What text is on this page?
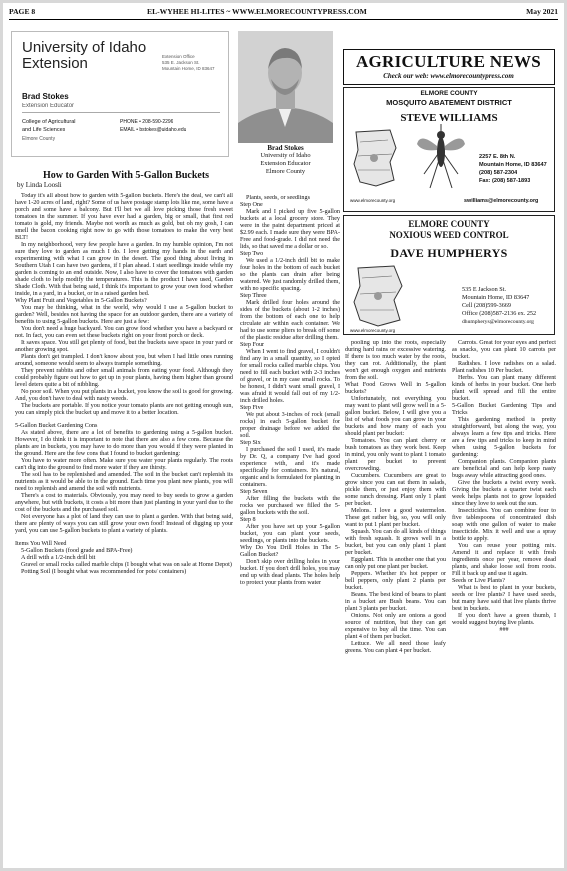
PAGE 8	EL-WYHEE HI-LITES ~ WWW.ELMORECOUNTYPRESS.COM	May 2021
University of Idaho
Extension	Extension Office
535 E. Jackson St.
Mountain Home, ID 83647
Brad Stokes
Extension Educator
College of Agricultural
and Life Sciences
Elmore County
PHONE • 208-590-2296
EMAIL • bstokes@uidaho.edu
Brad Stokes
University of Idaho
Extension Educator
Elmore County
AGRICULTURE NEWS
Check our web: www.elmorecountypress.com
ELMORE COUNTY
MOSQUITO ABATEMENT DISTRICT
STEVE WILLIAMS
2257 E. 8th N.
Mountain Home, ID 83647
(208) 587-2304
Fax: (208) 587-1893
www.elmorecounty.org	swilliams@elmorecounty.org
ELMORE COUNTY
NOXIOUS WEED CONTROL
DAVE HUMPHERYS
535 E Jackson St.
Mountain Home, ID 83647
Cell (208)599-3669
Office (208)587-2136 ex. 252
dhumpherys@elmorecounty.org
www.elmorecounty.org
How to Garden With 5-Gallon Buckets
by Linda Loosli

Today it's all about how to garden with 5-gallon buckets. Here's the deal, we can't all have 1-20 acres of land, right? Some of us have postage stamp lots like me, some have a porch and some have a balcony. But I'll bet we all love picking those fresh sweet tomatoes in the summer. If you have ever had a garden, big or small, that first red tomato is gold, my friends. Maybe not worth as much as gold, but oh my gosh, I can smell the bacon cooking right now to go with those tomatoes to make the very best BLT!

In my neighborhood, very few people have a garden. In my humble opinion, I'm not sure they love to garden as much I do. I love getting my hands in the earth and experimenting with what I can grow in the desert. The good thing about living in Southern Utah I can have two gardens, if I plan ahead. I start seedlings inside while my garden is coming to an end outside. Now, I also have to cover the tomatoes with garden shade cloth to help modify the temperatures. This is the product I have used, Garden Shade Cloth. With that being said, I think it's important to grow your own food whether inside, in a yard, in a bucket, or in a raised garden bed.

Why Plant Fruit and Vegetables in 5-Gallon Buckets?

You may be thinking, what in the world, why would I use a 5-gallon bucket to garden? Well, besides not having the space for an outdoor garden, there are a variety of benefits to using 5-gallon buckets. Here are just a few:

You don't need a huge backyard. You can grow food whether you have a backyard or not. In fact, you can even set these buckets right on your front porch or deck.

It saves space. You still get plenty of food, but the buckets save space in your yard or another growing spot.

Plants don't get trampled. I don't know about you, but when I had little ones running around, someone would seem to always trample something.

They prevent rabbits and other small animals from eating your food. Although they could probably figure out how to get up in your plants, having them higher than ground level deters quite a bit of nibbling.

No poor soil. When you put plants in a bucket, you know the soil is good for growing. And, you don't have to deal with nasty weeds.

The buckets are portable. If you notice your tomato plants are not getting enough sun, you can simply pick the bucket up and move it to a better location.

5-Gallon Bucket Gardening Cons

As stated above, there are a lot of benefits to gardening using a 5-gallon bucket. However, I do think it is important to note that there are also a few cons. Because the plants are in buckets, you may have to do more than you would if they were planted in the ground. Here are the few cons that I found to bucket gardening:

You have to water more often. Make sure you water your plants regularly. The roots can't dig into the ground to find more water if they are thirsty.

The soil has to be replenished and amended. The soil in the bucket can't replenish its nutrients as it would be able to in the ground. Each time you plant new plants, you will need to replenish and amend the soil with nutrients.

There's a cost to materials. Obviously, you may need to buy seeds to grow a garden anywhere, but with buckets, it costs a bit more than just planting in your yard due to the cost of the buckets and the purchased soil.

Not everyone has a plot of land they can use to plant a garden. With that being said, there are plenty of ways you can still grow your own food! Instead of digging up your yard, you can use 5-gallon buckets to plant a variety of plants.

Items You Will Need

5-Gallon Buckets (food grade and BPA-Free)

A drill with a 1/2-inch drill bit

Gravel or small rocks called marble chips (I bought what was on sale at Home Depot)

Potting Soil (I bought what was recommended for pots/ containers)

Plants, seeds, or seedlings

Step One

Mark and I picked up five 5-gallon buckets at a local grocery store. They were in the paint department priced at $2.99 each. I made sure they were BPA-Free and food-grade. I did not need the lids, so that saved me a dollar or so.

Step Two

We used a 1/2-inch drill bit to make four holes in the bottom of each bucket so the plants can drain after being watered. We just randomly drilled them, with no specific spacing.

Step Three

Mark drilled four holes around the sides of the buckets (about 1-2 inches) from the bottom of each one to help circulate air within each container. We had to use some pliers to break off some of the plastic residue after drilling them.

Step Four

When I went to find gravel, I couldn't find any in a small quantity, so I opted for small rocks called marble chips. You need to fill each bucket with 2-3 inches of gravel, or in my case small rocks. To be honest, I didn't want small gravel, I was afraid it would fall out of my 1/2-inch drilled holes.

Step Five

We put about 3-inches of rock (small rocks) in each 5-gallon bucket for proper drainage before we added the soil.

Step Six

I purchased the soil I used, it's made by Dr. Q, a company I've had good experience with, and it's made specifically for containers. It's natural, organic and is formulated for planting in containers.

Step Seven

After filling the buckets with the rocks we purchased we filled the 5-gallon buckets with the soil.

Step 8

After you have set up your 5-gallon bucket, you can plant your seeds, seedlings, or plants into the buckets.

Why Do You Drill Holes in The 5-Gallon Bucket?

Don't skip over drilling holes in your bucket. If you don't drill holes, you may end up with dead plants. The holes help to protect your plants from water

pooling up into the roots, especially during hard rains or excessive watering. If there is too much water by the roots, they can rot. Additionally, the plant won't get enough oxygen and nutrients from the soil.

What Food Grows Well in 5-gallon buckets?

Unfortunately, not everything you may want to plant will grow well in a 5-gallon bucket. Below, I will give you a list of what foods you can grow in your buckets and how many of each you should plant per bucket:

Tomatoes. You can plant cherry or bush tomatoes as they work best. Keep in mind, you only want to plant 1 tomato plant per bucket to prevent overcrowding.

Cucumbers. Cucumbers are great to grow since you can eat them in salads, pickle them, or just enjoy them with some ranch dressing. Plant only 1 plant per bucket.

Melons. I love a good watermelon. These get rather big, so, you will only want to put 1 plant per bucket.

Squash. You can do all kinds of things with fresh squash. It grows well in a bucket, but you can only plant 1 plant per bucket.

Eggplant. This is another one that you can only put one plant per bucket.

Peppers. Whether it's hot pepper or bell peppers, only plant 2 plants per bucket.

Beans. The best kind of beans to plant in a bucket are Bush beans. You can plant 3 plants per bucket.

Onions. Not only are onions a good source of nutrition, but they can get expensive to buy all the time. You can plant 4 of them per bucket.

Lettuce. We all need those leafy greens. You can plant 4 per bucket.

Carrots. Great for your eyes and perfect as snacks, you can plant 10 carrots per bucket.

Radishes. I love radishes on a salad. Plant radishes 10 Per bucket.

Herbs. You can plant many different kinds of herbs in your bucket. One herb plant will spread and fill the entire bucket.

5-Gallon Bucket Gardening Tips and Tricks

This gardening method is pretty straightforward, but along the way, you always learn a few tips and tricks. Here are a few tips and tricks to keep in mind when using 5-gallon buckets for gardening:

Companion plants. Companion plants are beneficial and can help keep nasty bugs away while attracting good ones.

Give the buckets a twist every week. Giving the buckets a quarter twist each week helps plants not to grow lopsided since they love to seek out the sun.

Insecticides. You can combine four to five tablespoons of concentrated dish soap with one gallon of water to make insecticide. Mix it well and use a spray bottle to apply.

You can reuse your potting mix. Amend it and replace it with fresh ingredients once per year, remove dead plants, and shake loose soil from roots. Fill it back up and use it again.

Seeds or Live Plants?

What is best to plant in your buckets, seeds or live plants? I have used seeds, but many have said that live plants thrive best in buckets.

If you don't have a green thumb, I would suggest buying live plants.

###
